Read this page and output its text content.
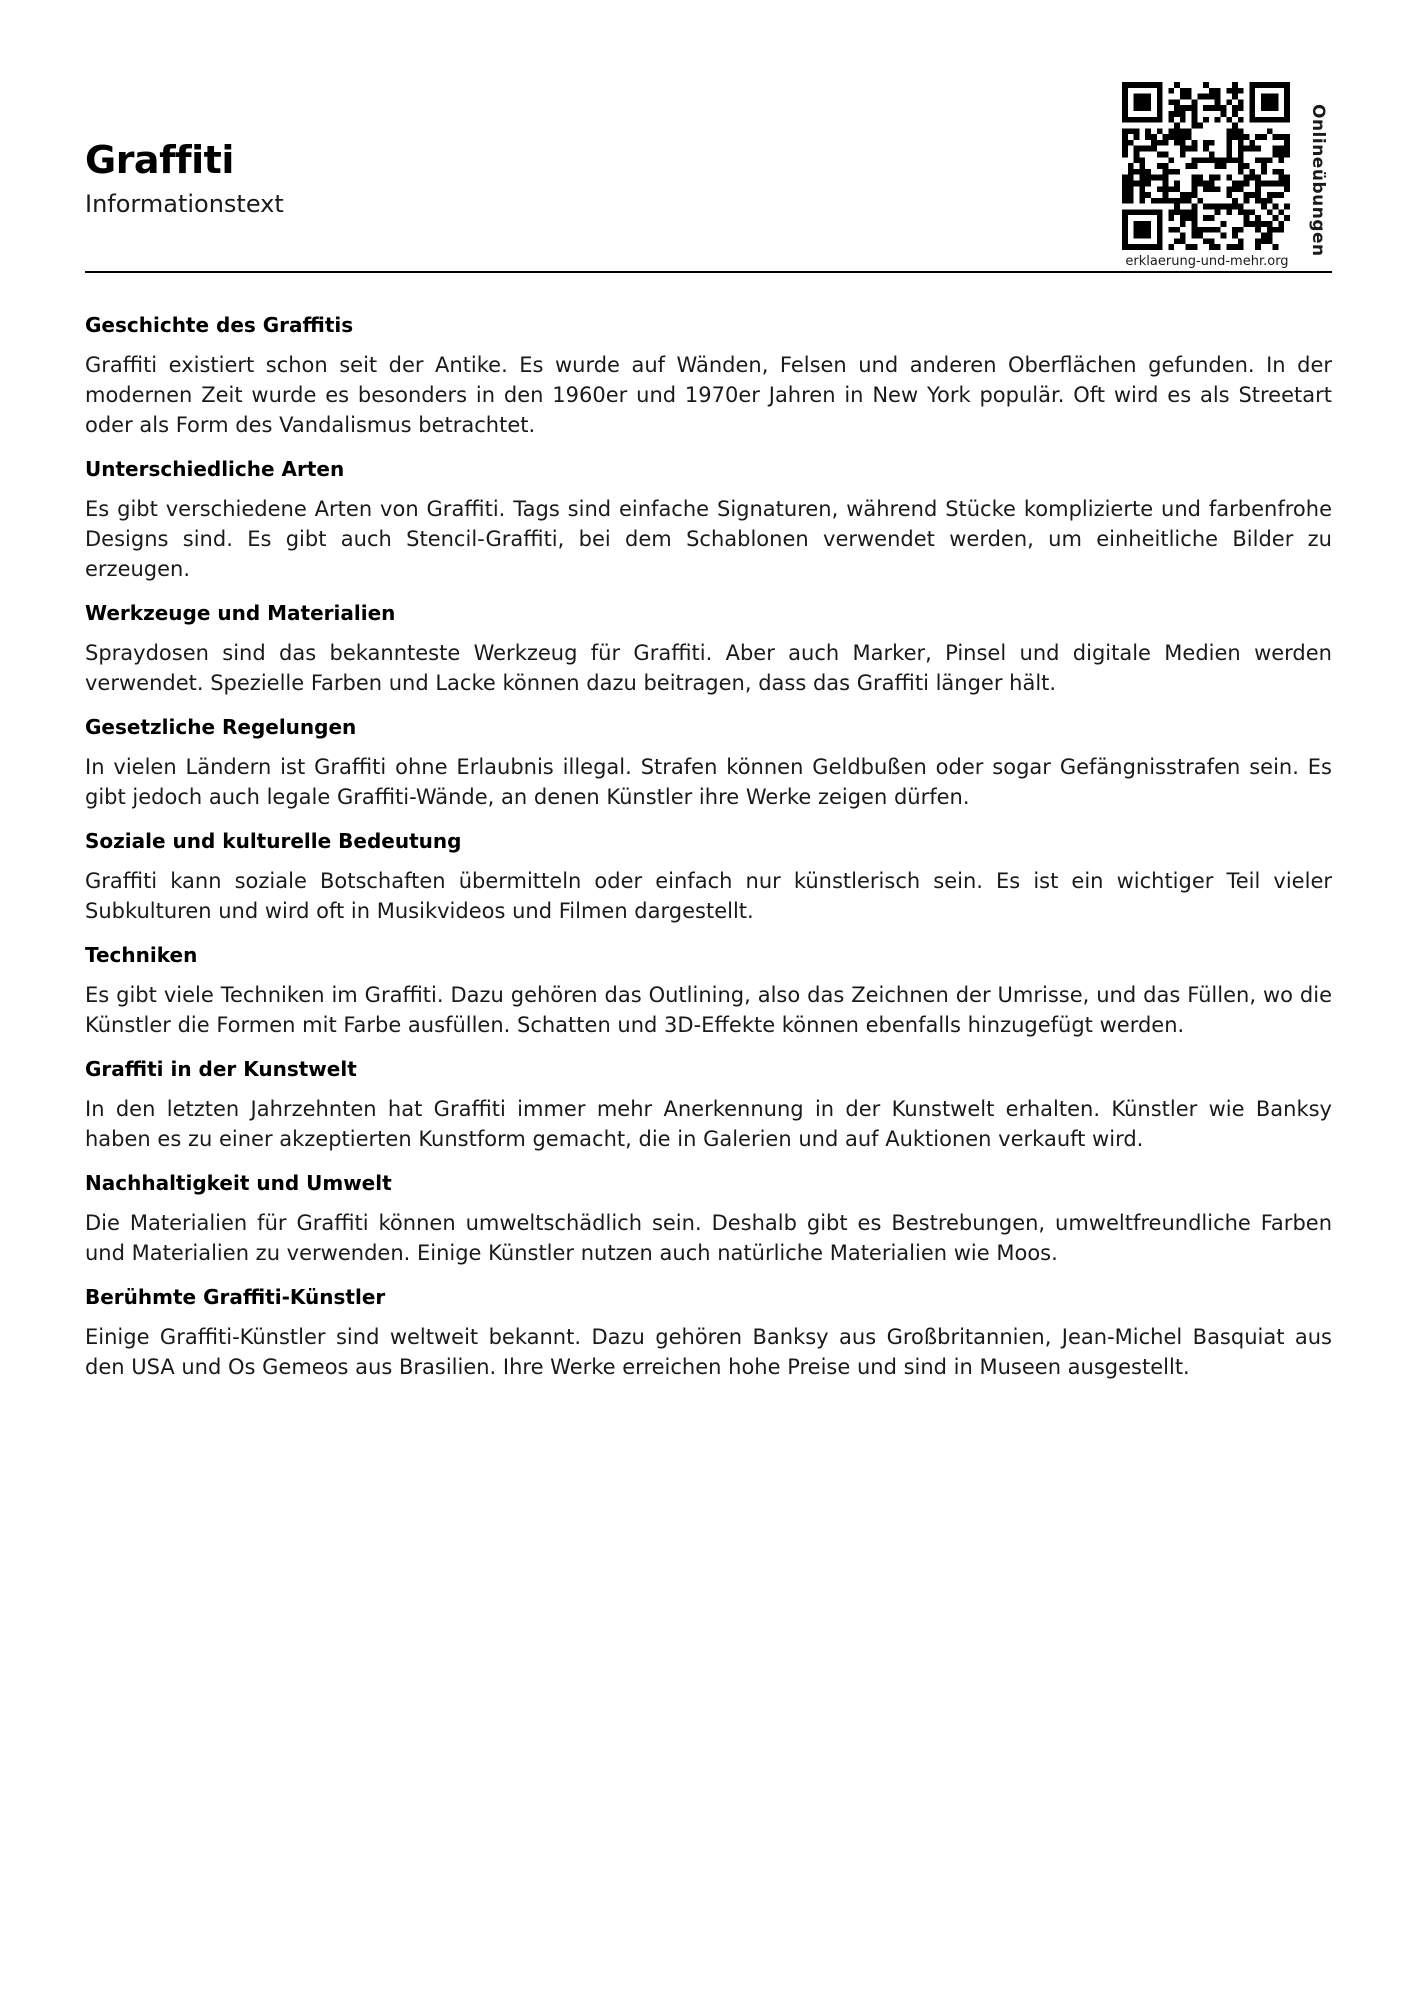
Graffiti
Informationstext
erklaerung-und-mehr.org
Onlineübungen
Geschichte des Graffitis

Graffiti existiert schon seit der Antike. Es wurde auf Wänden, Felsen und anderen Oberflächen gefunden. In der modernen Zeit wurde es besonders in den 1960er und 1970er Jahren in New York populär. Oft wird es als Streetart oder als Form des Vandalismus betrachtet.

Unterschiedliche Arten

Es gibt verschiedene Arten von Graffiti. Tags sind einfache Signaturen, während Stücke komplizierte und farbenfrohe Designs sind. Es gibt auch Stencil-Graffiti, bei dem Schablonen verwendet werden, um einheitliche Bilder zu erzeugen.

Werkzeuge und Materialien

Spraydosen sind das bekannteste Werkzeug für Graffiti. Aber auch Marker, Pinsel und digitale Medien werden verwendet. Spezielle Farben und Lacke können dazu beitragen, dass das Graffiti länger hält.

Gesetzliche Regelungen

In vielen Ländern ist Graffiti ohne Erlaubnis illegal. Strafen können Geldbußen oder sogar Gefängnisstrafen sein. Es gibt jedoch auch legale Graffiti-Wände, an denen Künstler ihre Werke zeigen dürfen.

Soziale und kulturelle Bedeutung

Graffiti kann soziale Botschaften übermitteln oder einfach nur künstlerisch sein. Es ist ein wichtiger Teil vieler Subkulturen und wird oft in Musikvideos und Filmen dargestellt.

Techniken

Es gibt viele Techniken im Graffiti. Dazu gehören das Outlining, also das Zeichnen der Umrisse, und das Füllen, wo die Künstler die Formen mit Farbe ausfüllen. Schatten und 3D-Effekte können ebenfalls hinzugefügt werden.

Graffiti in der Kunstwelt

In den letzten Jahrzehnten hat Graffiti immer mehr Anerkennung in der Kunstwelt erhalten. Künstler wie Banksy haben es zu einer akzeptierten Kunstform gemacht, die in Galerien und auf Auktionen verkauft wird.

Nachhaltigkeit und Umwelt

Die Materialien für Graffiti können umweltschädlich sein. Deshalb gibt es Bestrebungen, umweltfreundliche Farben und Materialien zu verwenden. Einige Künstler nutzen auch natürliche Materialien wie Moos.

Berühmte Graffiti-Künstler

Einige Graffiti-Künstler sind weltweit bekannt. Dazu gehören Banksy aus Großbritannien, Jean-Michel Basquiat aus den USA und Os Gemeos aus Brasilien. Ihre Werke erreichen hohe Preise und sind in Museen ausgestellt.
